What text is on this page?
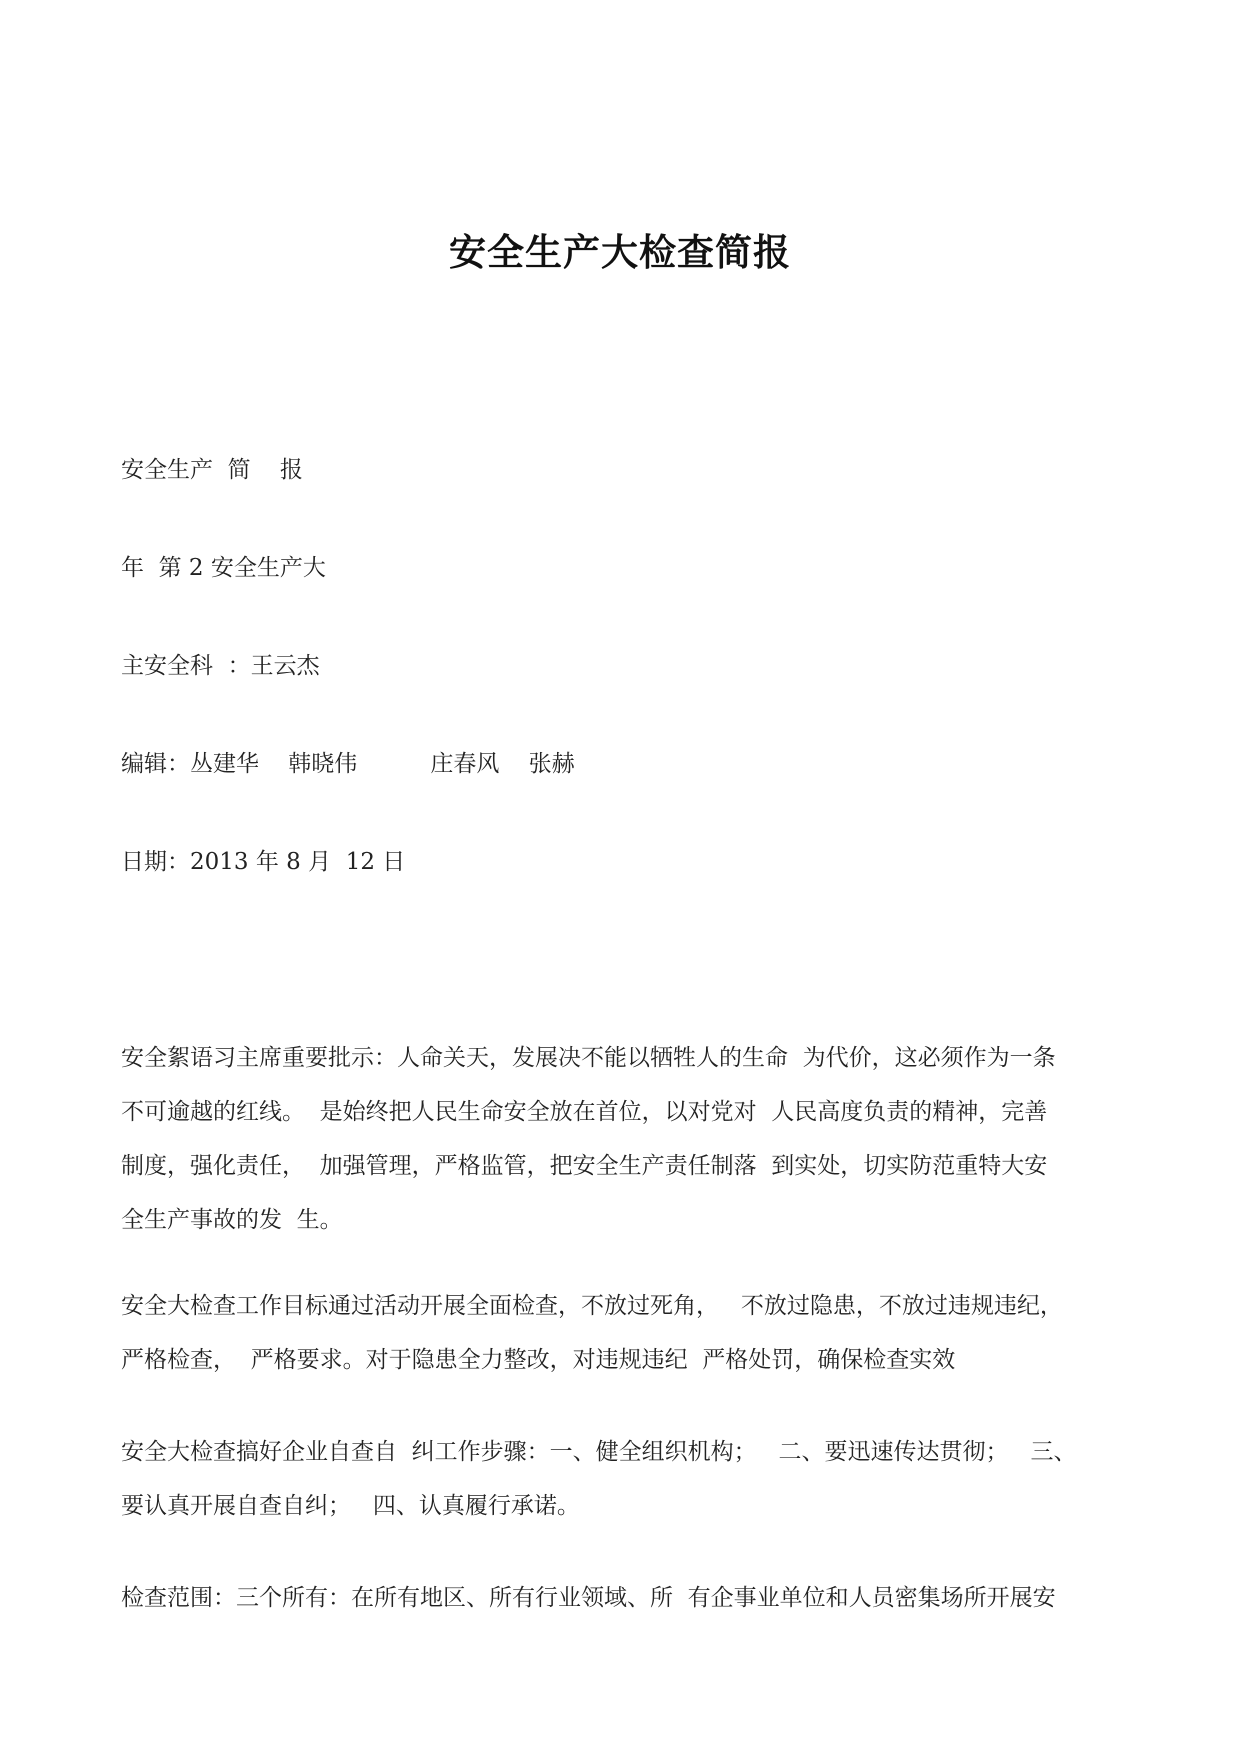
安全生产大检查简报
安全生产  简    报
年  第 2 安全生产大
主安全科  ：王云杰
编辑：丛建华    韩晓伟          庄春风    张赫
日期：2013 年 8 月  12 日
安全絮语习主席重要批示：人命关天，发展决不能以牺牲人的生命  为代价，这必须作为一条
不可逾越的红线。  是始终把人民生命安全放在首位，以对党对  人民高度负责的精神，完善
制度，强化责任，  加强管理，严格监管，把安全生产责任制落  到实处，切实防范重特大安
全生产事故的发  生。
安全大检查工作目标通过活动开展全面检查，不放过死角，   不放过隐患，不放过违规违纪，
严格检查，  严格要求。对于隐患全力整改，对违规违纪  严格处罚，确保检查实效
安全大检查搞好企业自查自  纠工作步骤：一、健全组织机构；   二、要迅速传达贯彻；   三、
要认真开展自查自纠；   四、认真履行承诺。
检查范围：三个所有：在所有地区、所有行业领域、所  有企事业单位和人员密集场所开展安
